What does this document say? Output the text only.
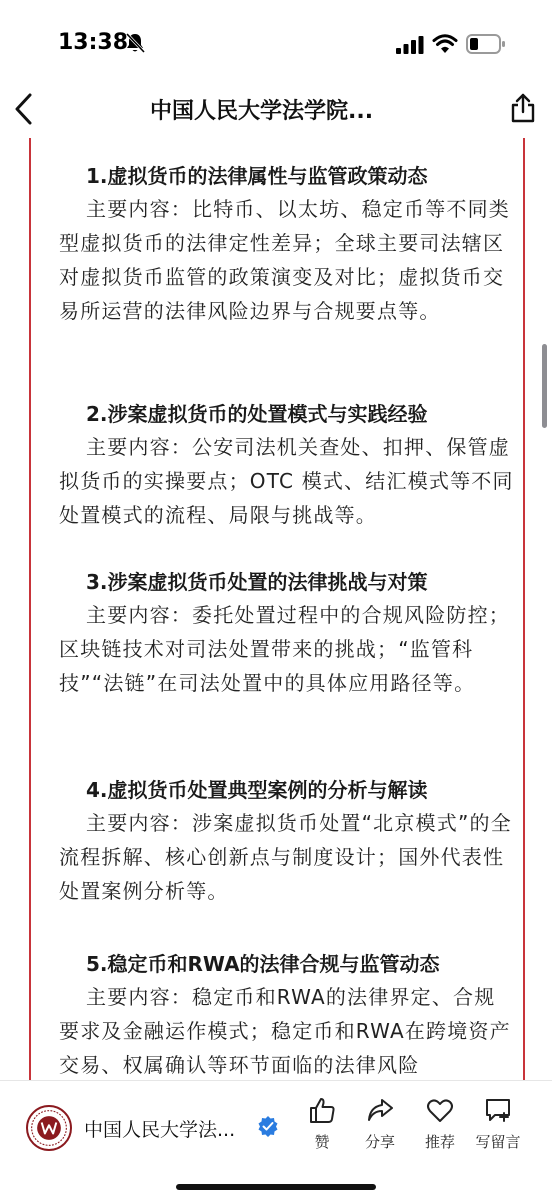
13:38
中国人民大学法学院...
1.虚拟货币的法律属性与监管政策动态

主要内容：比特币、以太坊、稳定币等不同类型虚拟货币的法律定性差异；全球主要司法辖区对虚拟货币监管的政策演变及对比；虚拟货币交易所运营的法律风险边界与合规要点等。

2.涉案虚拟货币的处置模式与实践经验

主要内容：公安司法机关查处、扣押、保管虚拟货币的实操要点；OTC 模式、结汇模式等不同处置模式的流程、局限与挑战等。

3.涉案虚拟货币处置的法律挑战与对策

主要内容：委托处置过程中的合规风险防控；区块链技术对司法处置带来的挑战；“监管科技”“法链”在司法处置中的具体应用路径等。

4.虚拟货币处置典型案例的分析与解读

主要内容：涉案虚拟货币处置“北京模式”的全流程拆解、核心创新点与制度设计；国外代表性处置案例分析等。

5.稳定币和RWA的法律合规与监管动态

主要内容：稳定币和RWA的法律界定、合规要求及金融运作模式；稳定币和RWA在跨境资产交易、权属确认等环节面临的法律风险

中国人民大学法...
赞	分享	推荐	写留言
